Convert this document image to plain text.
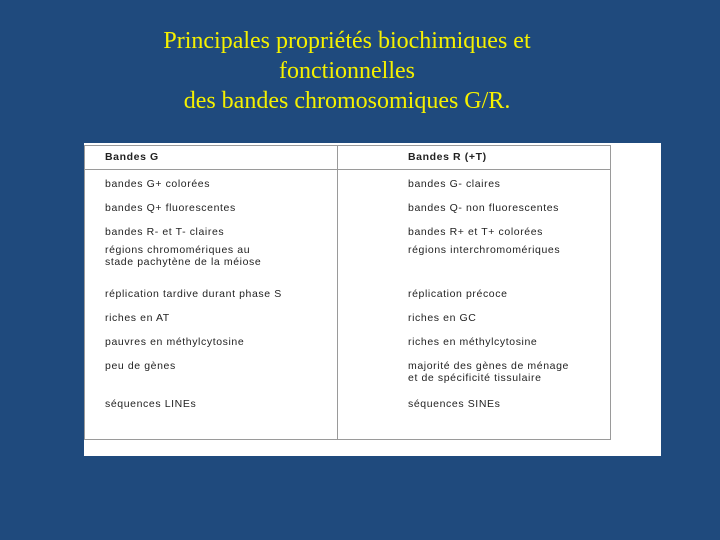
Principales propriétés biochimiques et
fonctionnelles
des bandes chromosomiques G/R.
Bandes G	Bandes R (+T)
bandes G+ colorées	bandes G- claires
bandes Q+ fluorescentes	bandes Q- non fluorescentes
bandes R- et T- claires	bandes R+ et T+ colorées
régions chromomériques au
stade pachytène de la méiose	régions interchromomériques
réplication tardive durant phase S	réplication précoce
riches en AT	riches en GC
pauvres en méthylcytosine	riches en méthylcytosine
peu de gènes	majorité des gènes de ménage
et de spécificité tissulaire
séquences LINEs	séquences SINEs
